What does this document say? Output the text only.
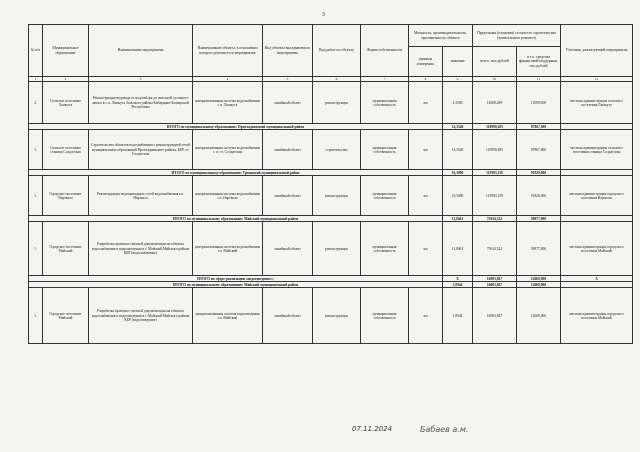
3
№ п/п	Муниципальное образование	Наименование мероприятия	Наименование объекта, в отношении которого реализуется мероприятие	Вид объекта вкладываемого мероприятия	Вид работ по объекту	Форма собственности	Мощность, производительность, протяженность объекта		Предельная (плановая) стоимость строительства (капитального ремонта)		Участник, реализующий мероприятие
							единица измерения	значение	всего, тыс.рублей	в т.ч. средства финансовой поддержки, тыс.рублей	
1	2	3	4	5	6	7	8	9	10	11	12
2.	Сельское поселение Лашкута	Реконструкция водовода от водозабора до очистной суточного запаса в с.п. Лашкута Зольского района Кабардино-Балкарской Республики	централизованная система водоснабжения с.п. Лашкута	линейный объект	реконструкция	муниципальная собственность	км	2,3500	14008,209	11089,000	местная администрация сельского поселения Лашкута
ИТОГО по муниципальному образованию: Прохладненский муниципальный район								14,3540	110990,285	87867,000	
1.	Сельское поселение станица Солдатская	Строительство объектов водоснабжения с реконструкцией сетей муниципальных образований Прохладненского района, КБР, ст. Солдатская	централизованная система водоснабжения с. п. ст. Солдатская	линейный объект	строительство	муниципальная собственность	км	14,3540	110990,285	87867,000	местная администрация сельского поселения станица Солдатская
ИТОГО по муниципальному образованию: Урванский муниципальный район								16,3000	115983,158	91820,000	
1.	Городское поселение Нарткала	Реконструкция водопроводных сетей водоснабжения г.п. Нарткала	централизованная система водоснабжения г.п. Нарткала	линейный объект	реконструкция	муниципальная собственность	км	16,3000	115983,158	91820,000	местная администрация городского поселения Нарткала
ИТОГО по муниципальному образованию: Майский муниципальный район								11,8461	75634,522	59877,000	
1.	Городское поселение Майский	Разработка проектно-сметной документации на объекты водоснабжения и водоотведения в г. Майский Майского района КБР (водоснабжение)	централизованная система водоснабжения г.п. Майский	линейный объект	реконструкция	муниципальная собственность	км	11,8461	75634,522	59877,000	местная администрация городского поселения Майский
ИТОГО по сфере реализации «водоотведение»:								X	16003,847	12669,000	X
ИТОГО по муниципальному образованию: Майский муниципальный район								1,8944	16003,847	12669,000	
1.	Городское поселение Майский	Разработка проектно-сметной документации на объекты водоснабжения и водоотведения в г. Майский Майского района КБР (водоотведение)	централизованная система водоотведения г.п. Майский	линейный объект	реконструкция	муниципальная собственность	км	1,8944	16003,847	12669,000	местная администрация городского поселения Майский
07.11.2024	Бабаев а.м.
